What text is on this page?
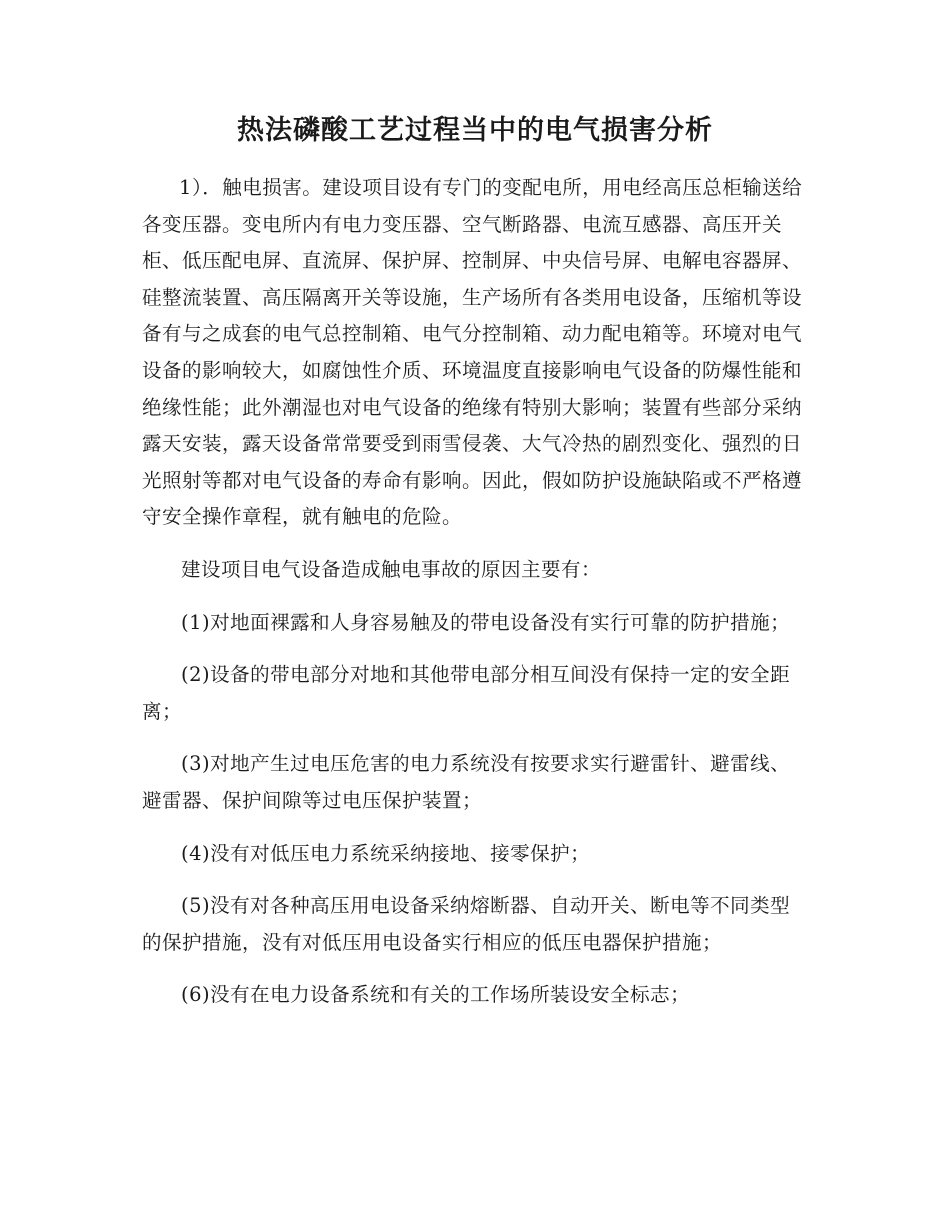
热法磷酸工艺过程当中的电气损害分析

1）．触电损害。建设项目设有专门的变配电所，用电经高压总柜输送给各变压器。变电所内有电力变压器、空气断路器、电流互感器、高压开关柜、低压配电屏、直流屏、保护屏、控制屏、中央信号屏、电解电容器屏、硅整流装置、高压隔离开关等设施，生产场所有各类用电设备，压缩机等设备有与之成套的电气总控制箱、电气分控制箱、动力配电箱等。环境对电气设备的影响较大，如腐蚀性介质、环境温度直接影响电气设备的防爆性能和绝缘性能；此外潮湿也对电气设备的绝缘有特别大影响；装置有些部分采纳露天安装，露天设备常常要受到雨雪侵袭、大气冷热的剧烈变化、强烈的日光照射等都对电气设备的寿命有影响。因此，假如防护设施缺陷或不严格遵守安全操作章程，就有触电的危险。

建设项目电气设备造成触电事故的原因主要有：

(1)对地面裸露和人身容易触及的带电设备没有实行可靠的防护措施；

(2)设备的带电部分对地和其他带电部分相互间没有保持一定的安全距离；

(3)对地产生过电压危害的电力系统没有按要求实行避雷针、避雷线、避雷器、保护间隙等过电压保护装置；

(4)没有对低压电力系统采纳接地、接零保护；

(5)没有对各种高压用电设备采纳熔断器、自动开关、断电等不同类型的保护措施，没有对低压用电设备实行相应的低压电器保护措施；

(6)没有在电力设备系统和有关的工作场所装设安全标志；
